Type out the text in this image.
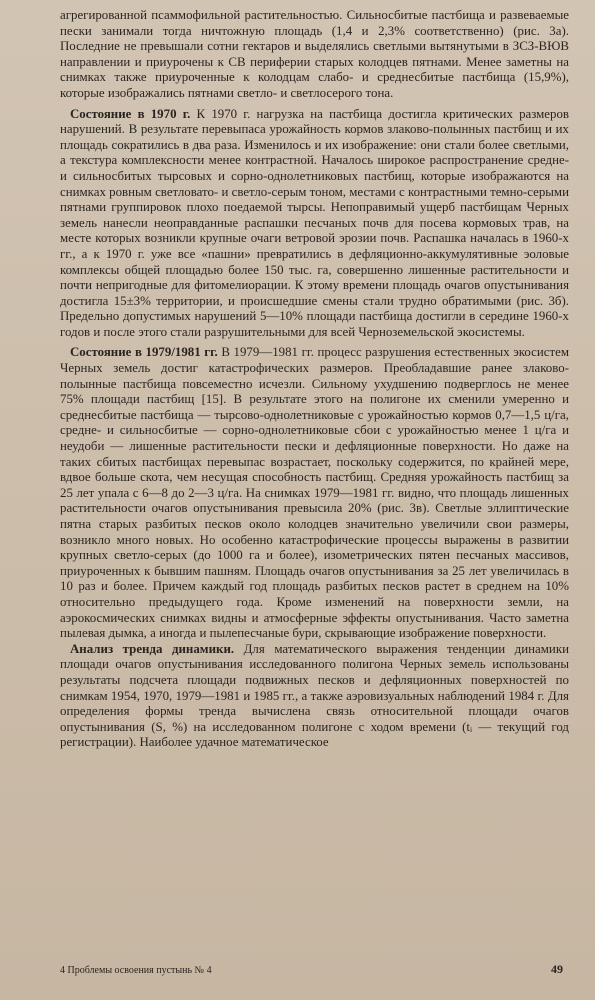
агрегированной псаммофильной растительностью. Сильносбитые пастбища и развеваемые пески занимали тогда ничтожную площадь (1,4 и 2,3% соответственно) (рис. 3а). Последние не превышали сотни гектаров и выделялись светлыми вытянутыми в ЗСЗ-ВЮВ направлении и приурочены к СВ периферии старых колодцев пятнами. Менее заметны на снимках также приуроченные к колодцам слабо- и среднесбитые пастбища (15,9%), которые изображались пятнами светло- и светлосерого тона.

Состояние в 1970 г. К 1970 г. нагрузка на пастбища достигла критических размеров нарушений. В результате перевыпаса урожайность кормов злаково-полынных пастбищ и их площадь сократились в два раза. Изменилось и их изображение: они стали более светлыми, а текстура комплексности менее контрастной. Началось широкое распространение средне- и сильносбитых тырсовых и сорно-однолетниковых пастбищ, которые изображаются на снимках ровным светловато- и светло-серым тоном, местами с контрастными темно-серыми пятнами группировок плохо поедаемой тырсы. Непоправимый ущерб пастбищам Черных земель нанесли неоправданные распашки песчаных почв для посева кормовых трав, на месте которых возникли крупные очаги ветровой эрозии почв. Распашка началась в 1960-х гг., а к 1970 г. уже все «пашни» превратились в дефляционно-аккумулятивные эоловые комплексы общей площадью более 150 тыс. га, совершенно лишенные растительности и почти непригодные для фитомелиорации. К этому времени площадь очагов опустынивания достигла 15±3% территории, и происшедшие смены стали трудно обратимыми (рис. 3б). Предельно допустимых нарушений 5—10% площади пастбища достигли в середине 1960-х годов и после этого стали разрушительными для всей Черноземельской экосистемы.

Состояние в 1979/1981 гг. В 1979—1981 гг. процесс разрушения естественных экосистем Черных земель достиг катастрофических размеров. Преобладавшие ранее злаково-полынные пастбища повсеместно исчезли. Сильному ухудшению подверглось не менее 75% площади пастбищ [15]. В результате этого на полигоне их сменили умеренно и среднесбитые пастбища — тырсово-однолетниковые с урожайностью кормов 0,7—1,5 ц/га, средне- и сильносбитые — сорно-однолетниковые сбои с урожайностью менее 1 ц/га и неудоби — лишенные растительности пески и дефляционные поверхности. Но даже на таких сбитых пастбищах перевыпас возрастает, поскольку содержится, по крайней мере, вдвое больше скота, чем несущая способность пастбищ. Средняя урожайность пастбищ за 25 лет упала с 6—8 до 2—3 ц/га. На снимках 1979—1981 гг. видно, что площадь лишенных растительности очагов опустынивания превысила 20% (рис. 3в). Светлые эллиптические пятна старых разбитых песков около колодцев значительно увеличили свои размеры, возникло много новых. Но особенно катастрофические процессы выражены в развитии крупных светло-серых (до 1000 га и более), изометрических пятен песчаных массивов, приуроченных к бывшим пашням. Площадь очагов опустынивания за 25 лет увеличилась в 10 раз и более. Причем каждый год площадь разбитых песков растет в среднем на 10% относительно предыдущего года. Кроме изменений на поверхности земли, на аэрокосмических снимках видны и атмосферные эффекты опустынивания. Часто заметна пылевая дымка, а иногда и пылепесчаные бури, скрывающие изображение поверхности.

Анализ тренда динамики. Для математического выражения тенденции динамики площади очагов опустынивания исследованного полигона Черных земель использованы результаты подсчета площади подвижных песков и дефляционных поверхностей по снимкам 1954, 1970, 1979—1981 и 1985 гг., а также аэровизуальных наблюдений 1984 г. Для определения формы тренда вычислена связь относительной площади очагов опустынивания (S, %) на исследованном полигоне с ходом времени (tᵢ — текущий год регистрации). Наиболее удачное математическое

4 Проблемы освоения пустынь № 4	49
